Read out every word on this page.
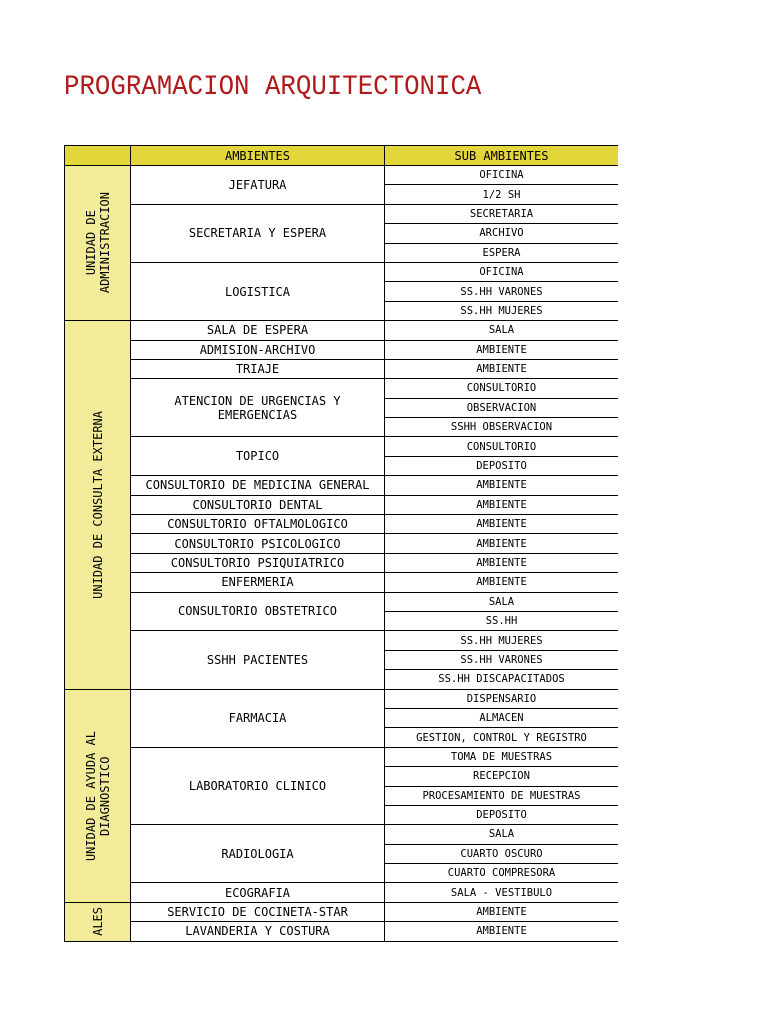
PROGRAMACION ARQUITECTONICA
	AMBIENTES	SUB AMBIENTES

UNIDAD DE
ADMINISTRACION	JEFATURA	OFICINA
		1/2 SH
	SECRETARIA Y ESPERA	SECRETARIA
		ARCHIVO
		ESPERA
	LOGISTICA	OFICINA
		SS.HH VARONES
		SS.HH MUJERES

UNIDAD DE CONSULTA EXTERNA	SALA DE ESPERA	SALA
	ADMISION-ARCHIVO	AMBIENTE
	TRIAJE	AMBIENTE
	ATENCION DE URGENCIAS Y EMERGENCIAS	CONSULTORIO
		OBSERVACION
		SSHH OBSERVACION
	TOPICO	CONSULTORIO
		DEPOSITO
	CONSULTORIO DE MEDICINA GENERAL	AMBIENTE
	CONSULTORIO DENTAL	AMBIENTE
	CONSULTORIO OFTALMOLOGICO	AMBIENTE
	CONSULTORIO PSICOLOGICO	AMBIENTE
	CONSULTORIO PSIQUIATRICO	AMBIENTE
	ENFERMERIA	AMBIENTE
	CONSULTORIO OBSTETRICO	SALA
		SS.HH
	SSHH PACIENTES	SS.HH MUJERES
		SS.HH VARONES
		SS.HH DISCAPACITADOS

UNIDAD DE AYUDA AL
DIAGNOSTICO	FARMACIA	DISPENSARIO
		ALMACEN
		GESTION, CONTROL Y REGISTRO
	LABORATORIO CLINICO	TOMA DE MUESTRAS
		RECEPCION
		PROCESAMIENTO DE MUESTRAS
		DEPOSITO
	RADIOLOGIA	SALA
		CUARTO OSCURO
		CUARTO COMPRESORA
	ECOGRAFIA	SALA - VESTIBULO

ALES	SERVICIO DE COCINETA-STAR	AMBIENTE
	LAVANDERIA Y COSTURA	AMBIENTE
